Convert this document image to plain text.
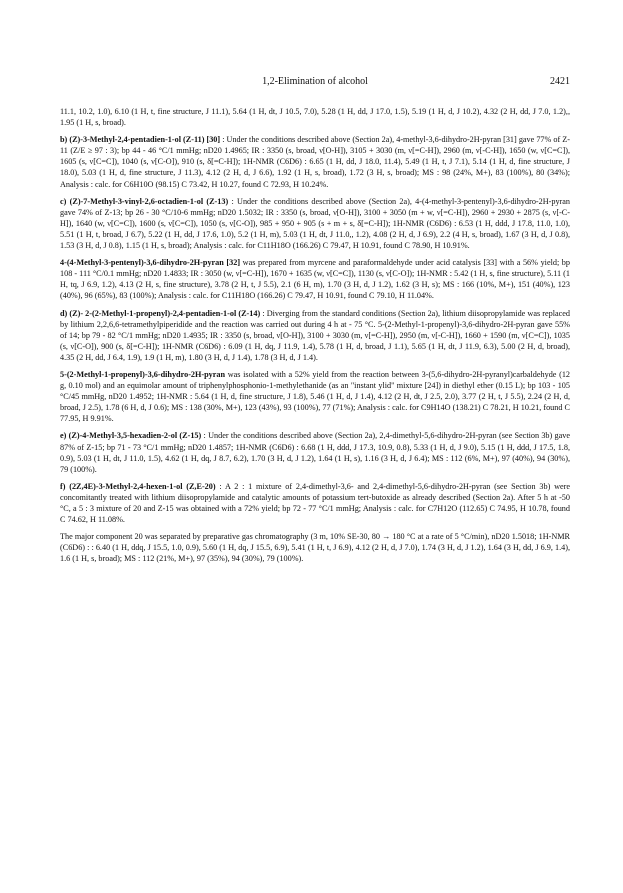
1,2-Elimination of alcohol	2421

11.1, 10.2, 1.0), 6.10 (1 H, t, fine structure, J 11.1), 5.64 (1 H, dt, J 10.5, 7.0), 5.28 (1 H, dd, J 17.0, 1.5), 5.19 (1 H, d, J 10.2), 4.32 (2 H, dd, J 7.0, 1.2),, 1.95 (1 H, s, broad).

b) (Z)-3-Methyl-2,4-pentadien-1-ol (Z-11) [30] : Under the conditions described above (Section 2a), 4-methyl-3,6-dihydro-2H-pyran [31] gave 77% of Z-11 (Z/E ≥ 97 : 3); bp 44 - 46 °C/1 mmHg; nD20 1.4965; IR : 3350 (s, broad, ν[O-H]), 3105 + 3030 (m, ν[=C-H]), 2960 (m, ν[-C-H]), 1650 (w, ν[C=C]), 1605 (s, ν[C=C]), 1040 (s, ν[C-O]), 910 (s, δ[=C-H]); 1H-NMR (C6D6) : 6.65 (1 H, dd, J 18.0, 11.4), 5.49 (1 H, t, J 7.1), 5.14 (1 H, d, fine structure, J 18.0), 5.03 (1 H, d, fine structure, J 11.3), 4.12 (2 H, d, J 6.6), 1.92 (1 H, s, broad), 1.72 (3 H, s, broad); MS : 98 (24%, M+), 83 (100%), 80 (34%); Analysis : calc. for C6H10O (98.15) C 73.42, H 10.27, found C 72.93, H 10.24%.

c) (Z)-7-Methyl-3-vinyl-2,6-octadien-1-ol (Z-13) : Under the conditions described above (Section 2a), 4-(4-methyl-3-pentenyl)-3,6-dihydro-2H-pyran gave 74% of Z-13; bp 26 - 30 °C/10-6 mmHg; nD20 1.5032; IR : 3350 (s, broad, ν[O-H]), 3100 + 3050 (m + w, ν[=C-H]), 2960 + 2930 + 2875 (s, ν[-C-H]), 1640 (w, ν[C=C]), 1600 (s, ν[C=C]), 1050 (s, ν[C-O]), 985 + 950 + 905 (s + m + s, δ[=C-H]); 1H-NMR (C6D6) : 6.53 (1 H, ddd, J 17.8, 11.0, 1.0), 5.51 (1 H, t, broad, J 6.7), 5.22 (1 H, dd, J 17.6, 1.0), 5.2 (1 H, m), 5.03 (1 H, dt, J 11.0,, 1.2), 4.08 (2 H, d, J 6.9), 2.2 (4 H, s, broad), 1.67 (3 H, d, J 0.8), 1.53 (3 H, d, J 0.8), 1.15 (1 H, s, broad); Analysis : calc. for C11H18O (166.26) C 79.47, H 10.91, found C 78.90, H 10.91%.

4-(4-Methyl-3-pentenyl)-3,6-dihydro-2H-pyran [32] was prepared from myrcene and paraformaldehyde under acid catalysis [33] with a 56% yield; bp 108 - 111 °C/0.1 mmHg; nD20 1.4833; IR : 3050 (w, ν[=C-H]), 1670 + 1635 (w, ν[C=C]), 1130 (s, ν[C-O]); 1H-NMR : 5.42 (1 H, s, fine structure), 5.11 (1 H, tq, J 6.9, 1.2), 4.13 (2 H, s, fine structure), 3.78 (2 H, t, J 5.5), 2.1 (6 H, m), 1.70 (3 H, d, J 1.2), 1.62 (3 H, s); MS : 166 (10%, M+), 151 (40%), 123 (40%), 96 (65%), 83 (100%); Analysis : calc. for C11H18O (166.26) C 79.47, H 10.91, found C 79.10, H 11.04%.

d) (Z)- 2-(2-Methyl-1-propenyl)-2,4-pentadien-1-ol (Z-14) : Diverging from the standard conditions (Section 2a), lithium diisopropylamide was replaced by lithium 2,2,6,6-tetramethylpiperidide and the reaction was carried out during 4 h at - 75 °C. 5-(2-Methyl-1-propenyl)-3,6-dihydro-2H-pyran gave 55% of 14; bp 79 - 82 °C/1 mmHg; nD20 1.4935; IR : 3350 (s, broad, ν[O-H]), 3100 + 3030 (m, ν[=C-H]), 2950 (m, ν[-C-H]), 1660 + 1590 (m, ν[C=C]), 1035 (s, ν[C-O]), 900 (s, δ[=C-H]); 1H-NMR (C6D6) : 6.09 (1 H, dq, J 11.9, 1.4), 5.78 (1 H, d, broad, J 1.1), 5.65 (1 H, dt, J 11.9, 6.3), 5.00 (2 H, d, broad), 4.35 (2 H, dd, J 6.4, 1.9), 1.9 (1 H, m), 1.80 (3 H, d, J 1.4), 1.78 (3 H, d, J 1.4).

5-(2-Methyl-1-propenyl)-3,6-dihydro-2H-pyran was isolated with a 52% yield from the reaction between 3-(5,6-dihydro-2H-pyranyl)carbaldehyde (12 g, 0.10 mol) and an equimolar amount of triphenylphosphonio-1-methylethanide (as an "instant ylid" mixture [24]) in diethyl ether (0.15 L); bp 103 - 105 °C/45 mmHg, nD20 1.4952; 1H-NMR : 5.64 (1 H, d, fine structure, J 1.8), 5.46 (1 H, d, J 1.4), 4.12 (2 H, dt, J 2.5, 2.0), 3.77 (2 H, t, J 5.5), 2.24 (2 H, d, broad, J 2.5), 1.78 (6 H, d, J 0.6); MS : 138 (30%, M+), 123 (43%), 93 (100%), 77 (71%); Analysis : calc. for C9H14O (138.21) C 78.21, H 10.21, found C 77.95, H 9.91%.

e) (Z)-4-Methyl-3,5-hexadien-2-ol (Z-15) : Under the conditions described above (Section 2a), 2,4-dimethyl-5,6-dihydro-2H-pyran (see Section 3b) gave 87% of Z-15; bp 71 - 73 °C/1 mmHg; nD20 1.4857; 1H-NMR (C6D6) : 6.68 (1 H, ddd, J 17.3, 10.9, 0.8), 5.33 (1 H, d, J 9.0), 5.15 (1 H, ddd, J 17.5, 1.8, 0.9), 5.03 (1 H, dt, J 11.0, 1.5), 4.62 (1 H, dq, J 8.7, 6.2), 1.70 (3 H, d, J 1.2), 1.64 (1 H, s), 1.16 (3 H, d, J 6.4); MS : 112 (6%, M+), 97 (40%), 94 (30%), 79 (100%).

f) (2Z,4E)-3-Methyl-2,4-hexen-1-ol (Z,E-20) : A 2 : 1 mixture of 2,4-dimethyl-3,6- and 2,4-dimethyl-5,6-dihydro-2H-pyran (see Section 3b) were concomitantly treated with lithium diisopropylamide and catalytic amounts of potassium tert-butoxide as already described (Section 2a). After 5 h at -50 °C, a 5 : 3 mixture of 20 and Z-15 was obtained with a 72% yield; bp 72 - 77 °C/1 mmHg; Analysis : calc. for C7H12O (112.65) C 74.95, H 10.78, found C 74.62, H 11.08%.

The major component 20 was separated by preparative gas chromatography (3 m, 10% SE-30, 80 → 180 °C at a rate of 5 °C/min), nD20 1.5018; 1H-NMR (C6D6) : : 6.40 (1 H, ddq, J 15.5, 1.0, 0.9), 5.60 (1 H, dq, J 15.5, 6.9), 5.41 (1 H, t, J 6.9), 4.12 (2 H, d, J 7.0), 1.74 (3 H, d, J 1.2), 1.64 (3 H, dd, J 6.9, 1.4), 1.6 (1 H, s, broad); MS : 112 (21%, M+), 97 (35%), 94 (30%), 79 (100%).
